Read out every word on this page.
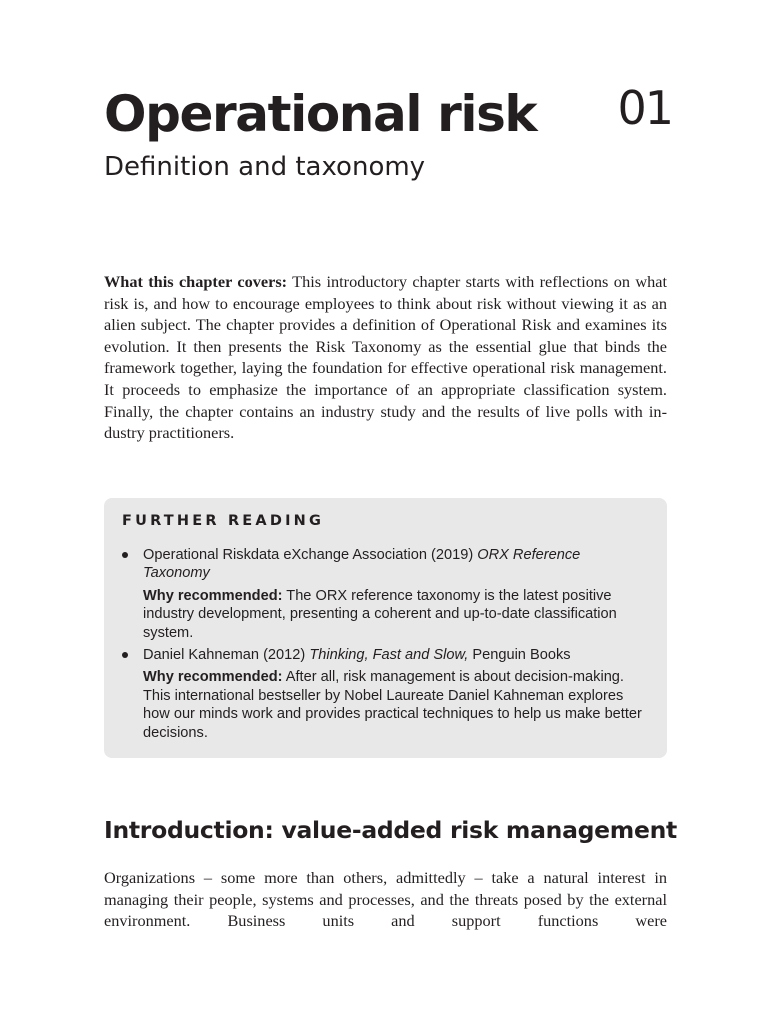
Operational risk 01
Definition and taxonomy

What this chapter covers: This introductory chapter starts with reflections on what risk is, and how to encourage employees to think about risk without viewing it as an alien subject. The chapter provides a definition of Operational Risk and examines its evolution. It then presents the Risk Taxonomy as the essential glue that binds the framework together, laying the foundation for effective operational risk management. It proceeds to emphasize the importance of an appropriate classification system. Finally, the chapter contains an industry study and the results of live polls with industry practitioners.

FURTHER READING
Operational Riskdata eXchange Association (2019) ORX Reference Taxonomy
Why recommended: The ORX reference taxonomy is the latest positive industry development, presenting a coherent and up-to-date classification system.
Daniel Kahneman (2012) Thinking, Fast and Slow, Penguin Books
Why recommended: After all, risk management is about decision-making. This international bestseller by Nobel Laureate Daniel Kahneman explores how our minds work and provides practical techniques to help us make better decisions.
Introduction: value-added risk management

Organizations – some more than others, admittedly – take a natural interest in managing their people, systems and processes, and the threats posed by the external environment. Business units and support functions were
